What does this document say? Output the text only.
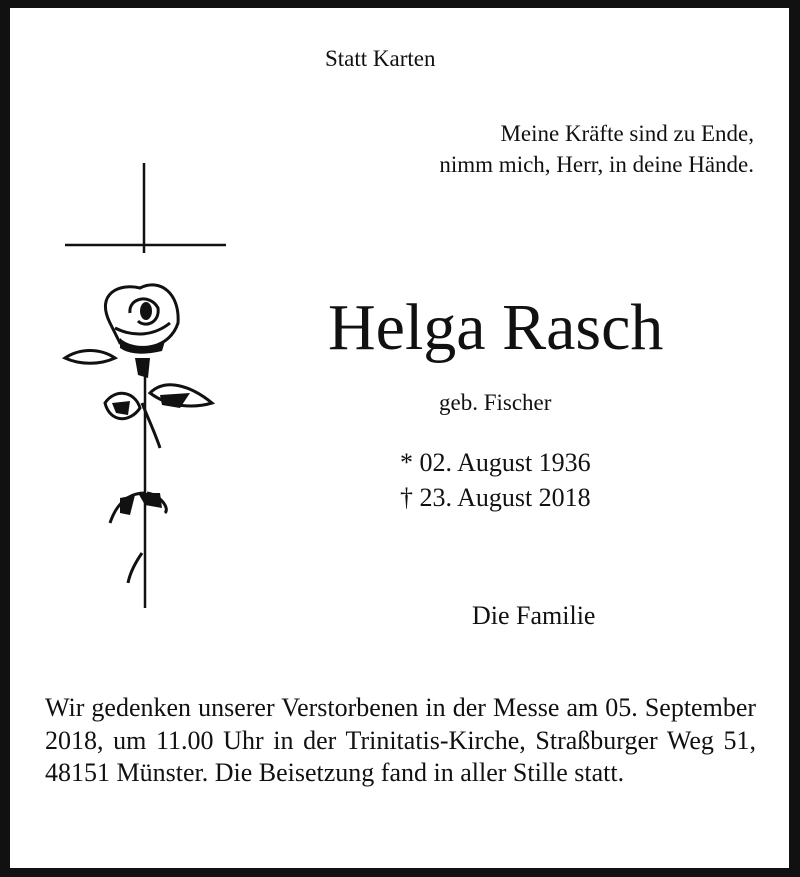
Statt Karten
Meine Kräfte sind zu Ende,
nimm mich, Herr, in deine Hände.
Helga Rasch
geb. Fischer
* 02. August 1936
† 23. August 2018
Die Familie
Wir gedenken unserer Verstorbenen in der Messe am 05. September 2018, um 11.00 Uhr in der Trinitatis-Kirche, Straßburger Weg 51, 48151 Münster. Die Beisetzung fand in aller Stille statt.
